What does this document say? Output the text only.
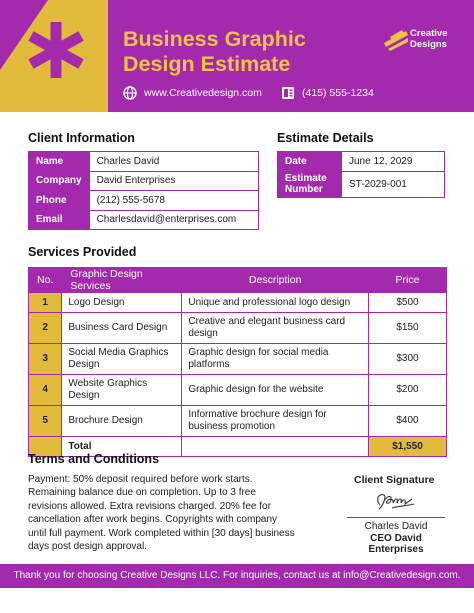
Business Graphic
Design Estimate
Creative
Designs
www.Creativedesign.com	(415) 555-1234
Client Information
Name	Charles David
Company	David Enterprises
Phone	(212) 555-5678
Email	Charlesdavid@enterprises.com
Estimate Details
Date	June 12, 2029

Estimate
Number	ST-2029-001
Services Provided
No.	Graphic Design Services	Description	Price
1	Logo Design	Unique and professional logo design	$500
2	Business Card Design	Creative and elegant business card design	$150
3	Social Media Graphics Design	Graphic design for social media platforms	$300
4	Website Graphics Design	Graphic design for the website	$200
5	Brochure Design	Informative brochure design for business promotion	$400
	Total		$1,550
Terms and Conditions
Payment: 50% deposit required before work starts. Remaining balance due on completion. Up to 3 free revisions allowed. Extra revisions charged. 20% fee for cancellation after work begins. Copyrights with company until full payment. Work completed within [30 days] business days post design approval.
Client Signature
Charles David
CEO David Enterprises
Thank you for choosing Creative Designs LLC. For inquiries, contact us at info@Creativedesign.com.
